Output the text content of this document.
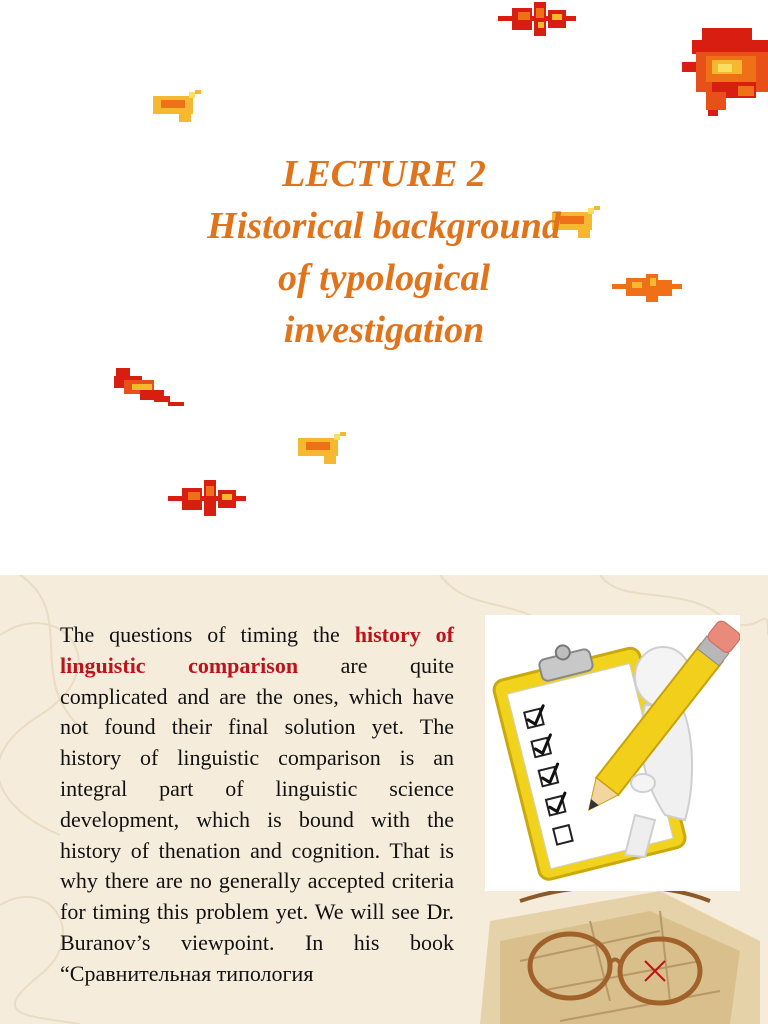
LECTURE 2
Historical background
of typological
investigation

The questions of timing the history of linguistic comparison are quite complicated and are the ones, which have not found their final solution yet. The history of linguistic comparison is an integral part of linguistic science development, which is bound with the history of thenation and cognition. That is why there are no generally accepted criteria for timing this problem yet. We will see Dr. Buranov’s viewpoint. In his book “Сравнительная типология
